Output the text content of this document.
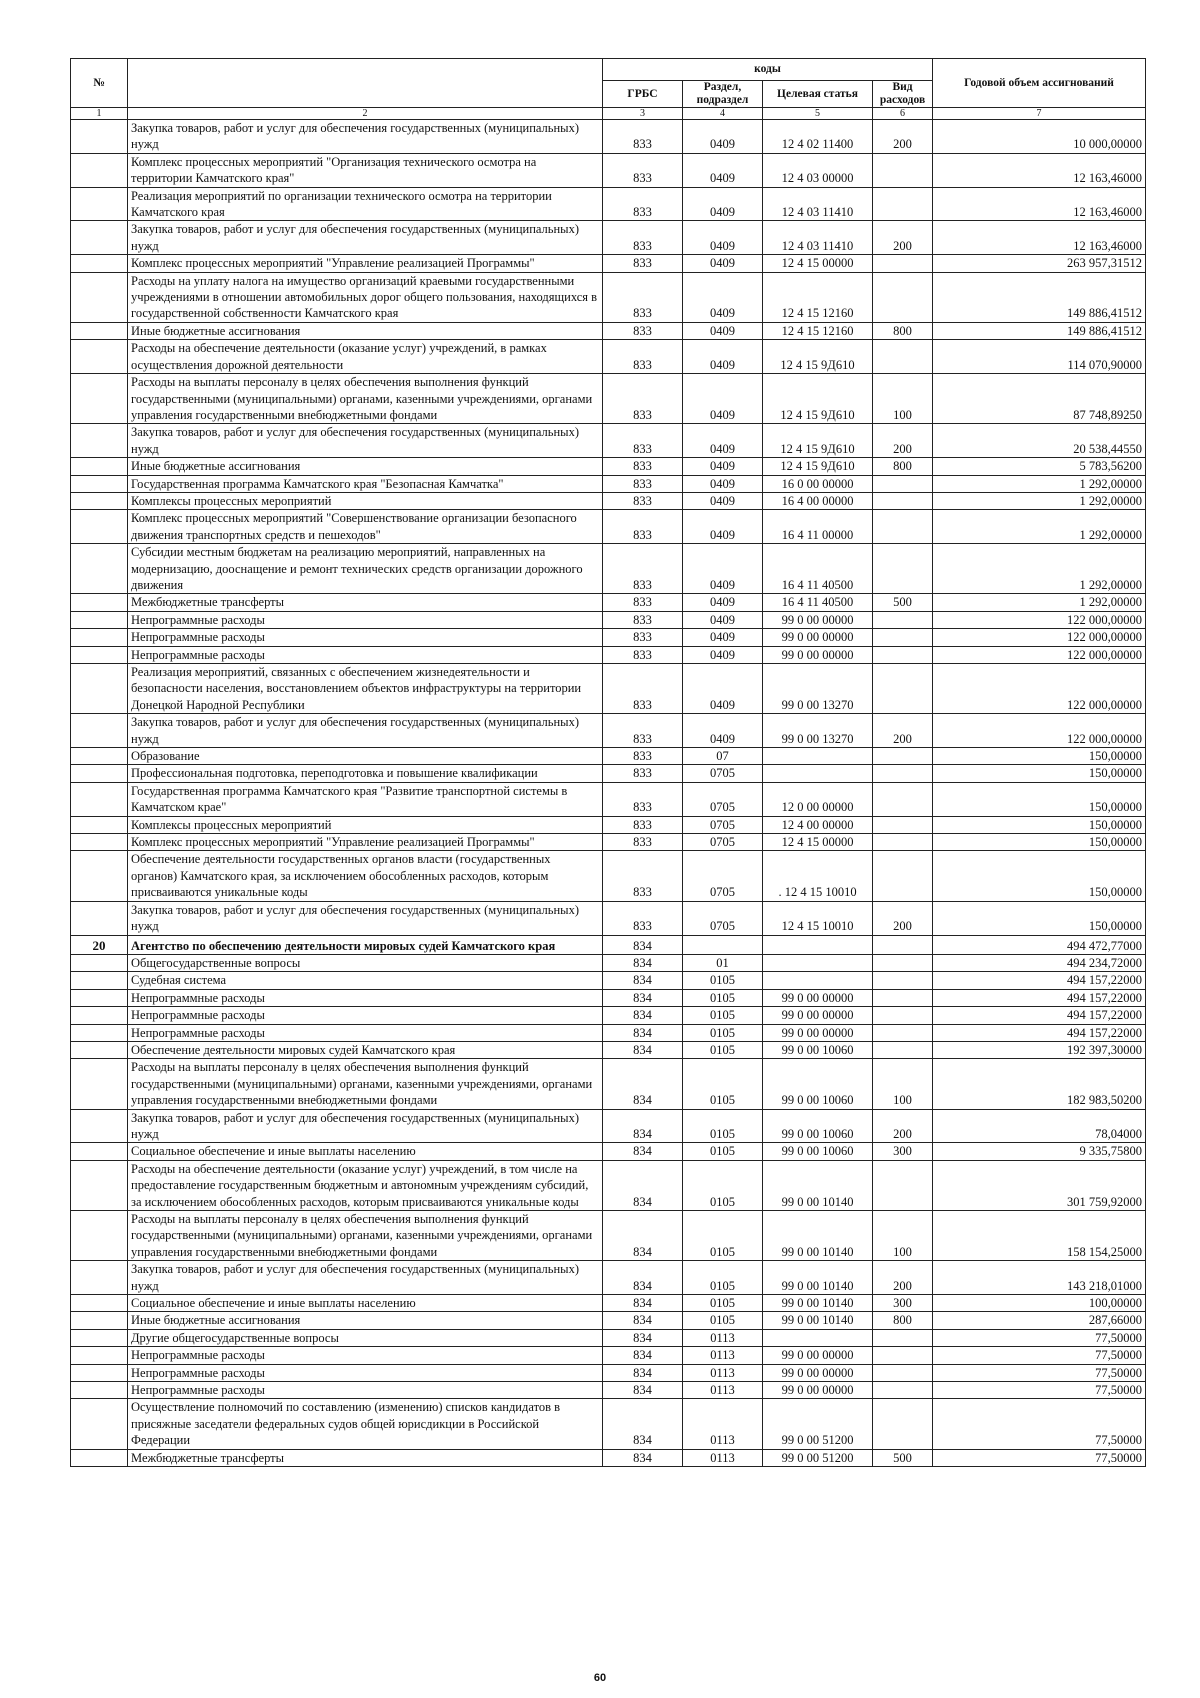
№		коды				Годовой объем ассигнований
		ГРБС	Раздел, подраздел	Целевая статья	Вид расходов	
1	2	3	4	5	6	7
	Закупка товаров, работ и услуг для обеспечения государственных (муниципальных) нужд	833	0409	12 4 02 11400	200	10 000,00000
	Комплекс процессных мероприятий "Организация технического осмотра на территории Камчатского края"	833	0409	12 4 03 00000		12 163,46000
	Реализация мероприятий по организации технического осмотра на территории Камчатского края	833	0409	12 4 03 11410		12 163,46000
	Закупка товаров, работ и услуг для обеспечения государственных (муниципальных) нужд	833	0409	12 4 03 11410	200	12 163,46000
	Комплекс процессных мероприятий "Управление реализацией Программы"	833	0409	12 4 15 00000		263 957,31512
	Расходы на уплату налога на имущество организаций краевыми государственными учреждениями в отношении автомобильных дорог общего пользования, находящихся в государственной собственности Камчатского края	833	0409	12 4 15 12160		149 886,41512
	Иные бюджетные ассигнования	833	0409	12 4 15 12160	800	149 886,41512
	Расходы на обеспечение деятельности (оказание услуг) учреждений, в рамках осуществления дорожной деятельности	833	0409	12 4 15 9Д610		114 070,90000
	Расходы на выплаты персоналу в целях обеспечения выполнения функций государственными (муниципальными) органами, казенными учреждениями, органами управления государственными внебюджетными фондами	833	0409	12 4 15 9Д610	100	87 748,89250
	Закупка товаров, работ и услуг для обеспечения государственных (муниципальных) нужд	833	0409	12 4 15 9Д610	200	20 538,44550
	Иные бюджетные ассигнования	833	0409	12 4 15 9Д610	800	5 783,56200
	Государственная программа Камчатского края "Безопасная Камчатка"	833	0409	16 0 00 00000		1 292,00000
	Комплексы процессных мероприятий	833	0409	16 4 00 00000		1 292,00000
	Комплекс процессных мероприятий "Совершенствование организации безопасного движения транспортных средств и пешеходов"	833	0409	16 4 11 00000		1 292,00000
	Субсидии местным бюджетам на реализацию мероприятий, направленных на модернизацию, дооснащение и ремонт технических средств организации дорожного движения	833	0409	16 4 11 40500		1 292,00000
	Межбюджетные трансферты	833	0409	16 4 11 40500	500	1 292,00000
	Непрограммные расходы	833	0409	99 0 00 00000		122 000,00000
	Непрограммные расходы	833	0409	99 0 00 00000		122 000,00000
	Непрограммные расходы	833	0409	99 0 00 00000		122 000,00000
	Реализация мероприятий, связанных с обеспечением жизнедеятельности и безопасности населения, восстановлением объектов инфраструктуры на территории Донецкой Народной Республики	833	0409	99 0 00 13270		122 000,00000
	Закупка товаров, работ и услуг для обеспечения государственных (муниципальных) нужд	833	0409	99 0 00 13270	200	122 000,00000
	Образование	833	07			150,00000
	Профессиональная подготовка, переподготовка и повышение квалификации	833	0705			150,00000
	Государственная программа Камчатского края "Развитие транспортной системы в Камчатском крае"	833	0705	12 0 00 00000		150,00000
	Комплексы процессных мероприятий	833	0705	12 4 00 00000		150,00000
	Комплекс процессных мероприятий "Управление реализацией Программы"	833	0705	12 4 15 00000		150,00000
	Обеспечение деятельности государственных органов власти (государственных органов) Камчатского края, за исключением обособленных расходов, которым присваиваются уникальные коды	833	0705	. 12 4 15 10010		150,00000
	Закупка товаров, работ и услуг для обеспечения государственных (муниципальных) нужд	833	0705	12 4 15 10010	200	150,00000
20	Агентство по обеспечению деятельности мировых судей Камчатского края	834				494 472,77000
	Общегосударственные вопросы	834	01			494 234,72000
	Судебная система	834	0105			494 157,22000
	Непрограммные расходы	834	0105	99 0 00 00000		494 157,22000
	Непрограммные расходы	834	0105	99 0 00 00000		494 157,22000
	Непрограммные расходы	834	0105	99 0 00 00000		494 157,22000
	Обеспечение деятельности мировых судей Камчатского края	834	0105	99 0 00 10060		192 397,30000
	Расходы на выплаты персоналу в целях обеспечения выполнения функций государственными (муниципальными) органами, казенными учреждениями, органами управления государственными внебюджетными фондами	834	0105	99 0 00 10060	100	182 983,50200
	Закупка товаров, работ и услуг для обеспечения государственных (муниципальных) нужд	834	0105	99 0 00 10060	200	78,04000
	Социальное обеспечение и иные выплаты населению	834	0105	99 0 00 10060	300	9 335,75800
	Расходы на обеспечение деятельности (оказание услуг) учреждений, в том числе на предоставление государственным бюджетным и автономным учреждениям субсидий, за исключением обособленных расходов, которым присваиваются уникальные коды	834	0105	99 0 00 10140		301 759,92000
	Расходы на выплаты персоналу в целях обеспечения выполнения функций государственными (муниципальными) органами, казенными учреждениями, органами управления государственными внебюджетными фондами	834	0105	99 0 00 10140	100	158 154,25000
	Закупка товаров, работ и услуг для обеспечения государственных (муниципальных) нужд	834	0105	99 0 00 10140	200	143 218,01000
	Социальное обеспечение и иные выплаты населению	834	0105	99 0 00 10140	300	100,00000
	Иные бюджетные ассигнования	834	0105	99 0 00 10140	800	287,66000
	Другие общегосударственные вопросы	834	0113			77,50000
	Непрограммные расходы	834	0113	99 0 00 00000		77,50000
	Непрограммные расходы	834	0113	99 0 00 00000		77,50000
	Непрограммные расходы	834	0113	99 0 00 00000		77,50000
	Осуществление полномочий по составлению (изменению) списков кандидатов в присяжные заседатели федеральных судов общей юрисдикции в Российской Федерации	834	0113	99 0 00 51200		77,50000
	Межбюджетные трансферты	834	0113	99 0 00 51200	500	77,50000
60
